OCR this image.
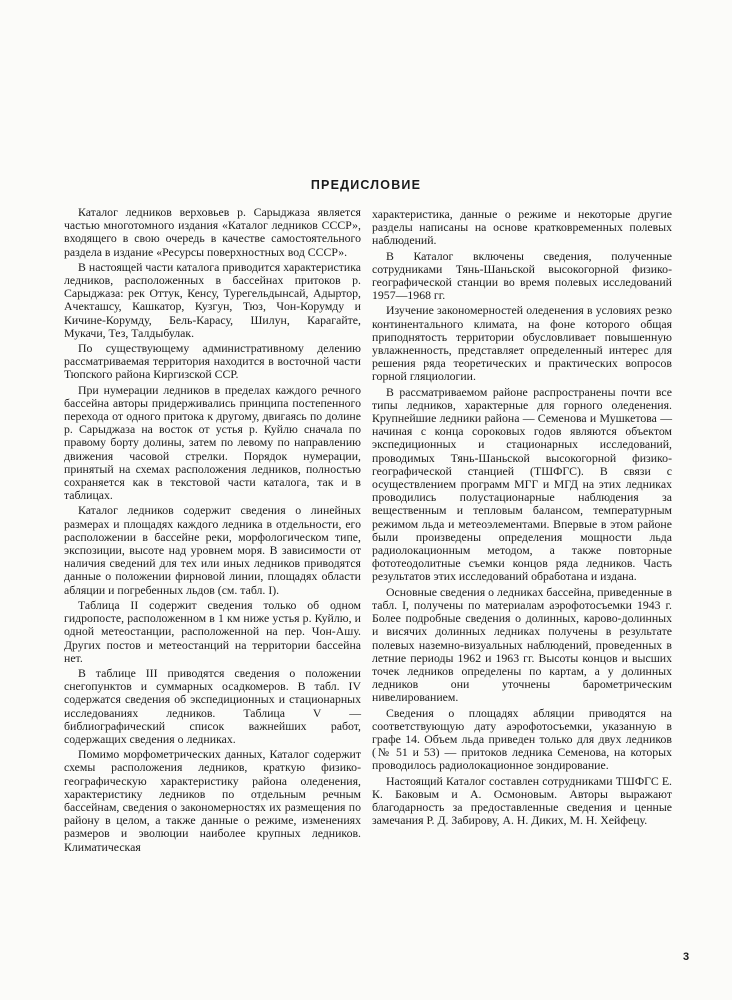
ПРЕДИСЛОВИЕ

Каталог ледников верховьев р. Сарыджаза является частью многотомного издания «Каталог ледников СССР», входящего в свою очередь в качестве самостоятельного раздела в издание «Ресурсы поверхностных вод СССР».

В настоящей части каталога приводится характеристика ледников, расположенных в бассейнах притоков р. Сарыджаза: рек Оттук, Кенсу, Турегельдынсай, Адыртор, Ачекташсу, Кашкатор, Кузгун, Тюз, Чон-Корумду и Кичине-Корумду, Бель-Карасу, Шилун, Карагайте, Мукачи, Тез, Талдыбулак.

По существующему административному делению рассматриваемая территория находится в восточной части Тюпского района Киргизской ССР.

При нумерации ледников в пределах каждого речного бассейна авторы придерживались принципа постепенного перехода от одного притока к другому, двигаясь по долине р. Сарыджаза на восток от устья р. Куйлю сначала по правому борту долины, затем по левому по направлению движения часовой стрелки. Порядок нумерации, принятый на схемах расположения ледников, полностью сохраняется как в текстовой части каталога, так и в таблицах.

Каталог ледников содержит сведения о линейных размерах и площадях каждого ледника в отдельности, его расположении в бассейне реки, морфологическом типе, экспозиции, высоте над уровнем моря. В зависимости от наличия сведений для тех или иных ледников приводятся данные о положении фирновой линии, площадях области абляции и погребенных льдов (см. табл. I).

Таблица II содержит сведения только об одном гидропосте, расположенном в 1 км ниже устья р. Куйлю, и одной метеостанции, расположенной на пер. Чон-Ашу. Других постов и метеостанций на территории бассейна нет.

В таблице III приводятся сведения о положении снегопунктов и суммарных осадкомеров. В табл. IV содержатся сведения об экспедиционных и стационарных исследованиях ледников. Таблица V — библиографический список важнейших работ, содержащих сведения о ледниках.

Помимо морфометрических данных, Каталог содержит схемы расположения ледников, краткую физико-географическую характеристику района оледенения, характеристику ледников по отдельным речным бассейнам, сведения о закономерностях их размещения по району в целом, а также данные о режиме, изменениях размеров и эволюции наиболее крупных ледников. Климатическая

характеристика, данные о режиме и некоторые другие разделы написаны на основе кратковременных полевых наблюдений.

В Каталог включены сведения, полученные сотрудниками Тянь-Шаньской высокогорной физико-географической станции во время полевых исследований 1957—1968 гг.

Изучение закономерностей оледенения в условиях резко континентального климата, на фоне которого общая приподнятость территории обусловливает повышенную увлажненность, представляет определенный интерес для решения ряда теоретических и практических вопросов горной гляциологии.

В рассматриваемом районе распространены почти все типы ледников, характерные для горного оледенения. Крупнейшие ледники района — Семенова и Мушкетова — начиная с конца сороковых годов являются объектом экспедиционных и стационарных исследований, проводимых Тянь-Шаньской высокогорной физико-географической станцией (ТШФГС). В связи с осуществлением программ МГГ и МГД на этих ледниках проводились полустационарные наблюдения за вещественным и тепловым балансом, температурным режимом льда и метеоэлементами. Впервые в этом районе были произведены определения мощности льда радиолокационным методом, а также повторные фототеодолитные съемки концов ряда ледников. Часть результатов этих исследований обработана и издана.

Основные сведения о ледниках бассейна, приведенные в табл. I, получены по материалам аэрофотосъемки 1943 г. Более подробные сведения о долинных, карово-долинных и висячих долинных ледниках получены в результате полевых наземно-визуальных наблюдений, проведенных в летние периоды 1962 и 1963 гг. Высоты концов и высших точек ледников определены по картам, а у долинных ледников они уточнены барометрическим нивелированием.

Сведения о площадях абляции приводятся на соответствующую дату аэрофотосъемки, указанную в графе 14. Объем льда приведен только для двух ледников (№ 51 и 53) — притоков ледника Семенова, на которых проводилось радиолокационное зондирование.

Настоящий Каталог составлен сотрудниками ТШФГС Е. К. Баковым и А. Осмоновым. Авторы выражают благодарность за предоставленные сведения и ценные замечания Р. Д. Забирову, А. Н. Диких, М. Н. Хейфецу.

3
